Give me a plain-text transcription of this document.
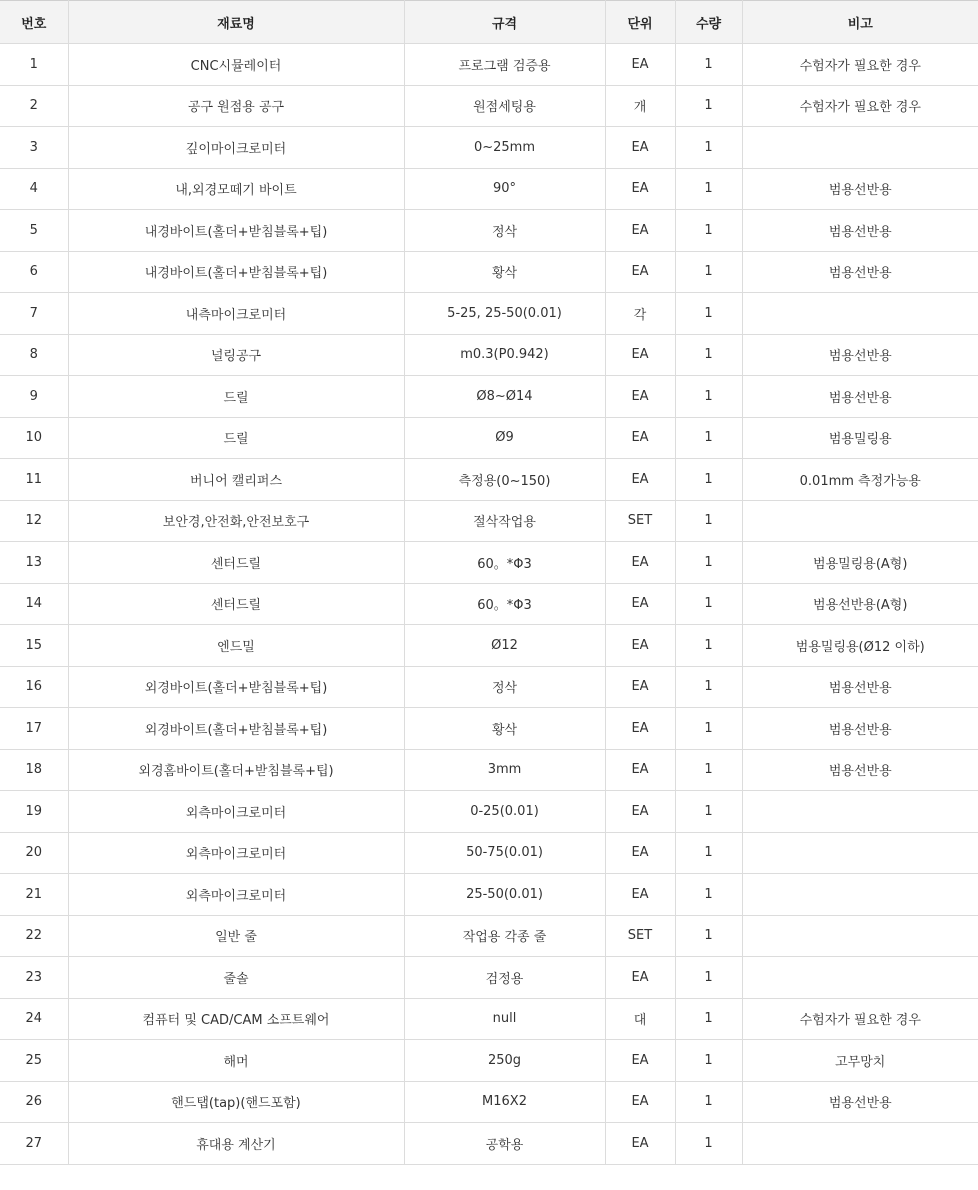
번호	재료명	규격	단위	수량	비고
1	CNC시뮬레이터	프로그램 검증용	EA	1	수험자가 필요한 경우
2	공구 원점용 공구	원점세팅용	개	1	수험자가 필요한 경우
3	깊이마이크로미터	0~25mm	EA	1	
4	내,외경모떼기 바이트	90°	EA	1	범용선반용
5	내경바이트(홀더+받침블록+팁)	정삭	EA	1	범용선반용
6	내경바이트(홀더+받침블록+팁)	황삭	EA	1	범용선반용
7	내측마이크로미터	5-25, 25-50(0.01)	각	1	
8	널링공구	m0.3(P0.942)	EA	1	범용선반용
9	드릴	Ø8~Ø14	EA	1	범용선반용
10	드릴	Ø9	EA	1	범용밀링용
11	버니어 캘리퍼스	측정용(0~150)	EA	1	0.01mm 측정가능용
12	보안경,안전화,안전보호구	절삭작업용	SET	1	
13	센터드릴	60。*Φ3	EA	1	범용밀링용(A형)
14	센터드릴	60。*Φ3	EA	1	범용선반용(A형)
15	엔드밀	Ø12	EA	1	범용밀링용(Ø12 이하)
16	외경바이트(홀더+받침블록+팁)	정삭	EA	1	범용선반용
17	외경바이트(홀더+받침블록+팁)	황삭	EA	1	범용선반용
18	외경홈바이트(홀더+받침블록+팁)	3mm	EA	1	범용선반용
19	외측마이크로미터	0-25(0.01)	EA	1	
20	외측마이크로미터	50-75(0.01)	EA	1	
21	외측마이크로미터	25-50(0.01)	EA	1	
22	일반 줄	작업용 각종 줄	SET	1	
23	줄솔	검정용	EA	1	
24	컴퓨터 및 CAD/CAM 소프트웨어	null	대	1	수험자가 필요한 경우
25	해머	250g	EA	1	고무망치
26	핸드탭(tap)(핸드포함)	M16X2	EA	1	범용선반용
27	휴대용 계산기	공학용	EA	1	
